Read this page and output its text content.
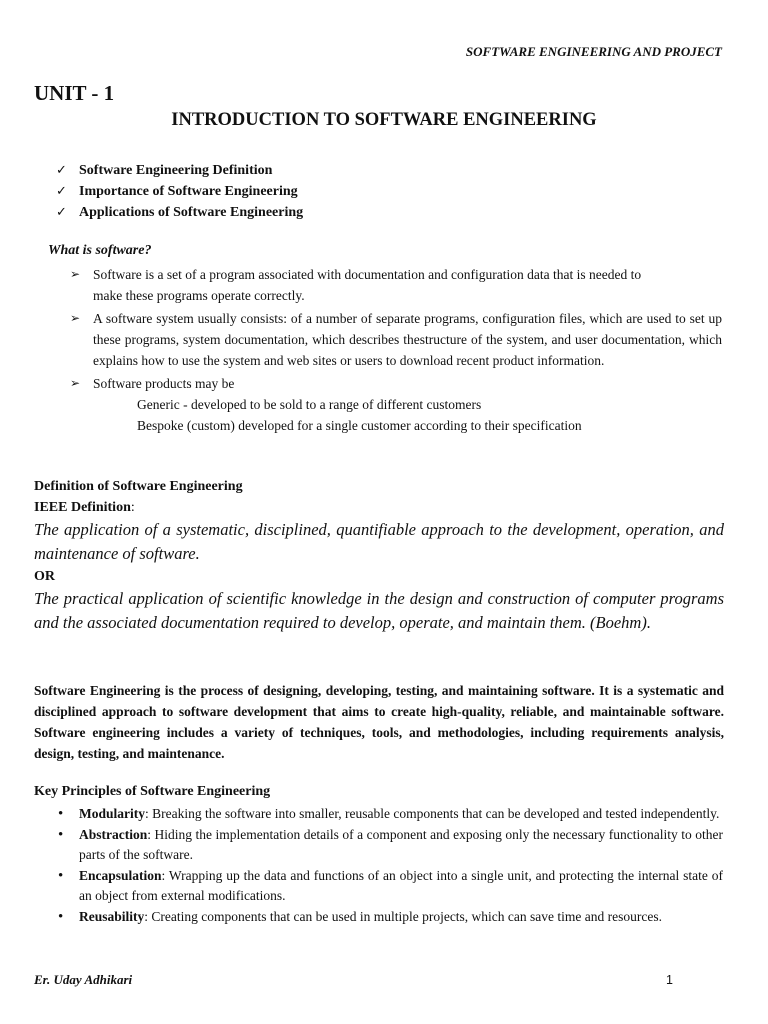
SOFTWARE ENGINEERING AND PROJECT
UNIT - 1
INTRODUCTION TO SOFTWARE ENGINEERING
✓ Software Engineering Definition
✓ Importance of Software Engineering
✓ Applications of Software Engineering
What is software?
➢ Software is a set of a program associated with documentation and configuration data that is needed to make these programs operate correctly.
➢ A software system usually consists: of a number of separate programs, configuration files, which are used to set up these programs, system documentation, which describes thestructure of the system, and user documentation, which explains how to use the system and web sites or users to download recent product information.
➢ Software products may be
Generic - developed to be sold to a range of different customers
Bespoke (custom) developed for a single customer according to their specification
Definition of Software Engineering
IEEE Definition:
The application of a systematic, disciplined, quantifiable approach to the development, operation, and maintenance of software.
OR
The practical application of scientific knowledge in the design and construction of computer programs and the associated documentation required to develop, operate, and maintain them. (Boehm).
Software Engineering is the process of designing, developing, testing, and maintaining software. It is a systematic and disciplined approach to software development that aims to create high-quality, reliable, and maintainable software. Software engineering includes a variety of techniques, tools, and methodologies, including requirements analysis, design, testing, and maintenance.
Key Principles of Software Engineering
• Modularity: Breaking the software into smaller, reusable components that can be developed and tested independently.
• Abstraction: Hiding the implementation details of a component and exposing only the necessary functionality to other parts of the software.
• Encapsulation: Wrapping up the data and functions of an object into a single unit, and protecting the internal state of an object from external modifications.
• Reusability: Creating components that can be used in multiple projects, which can save time and resources.
Er. Uday Adhikari	1
